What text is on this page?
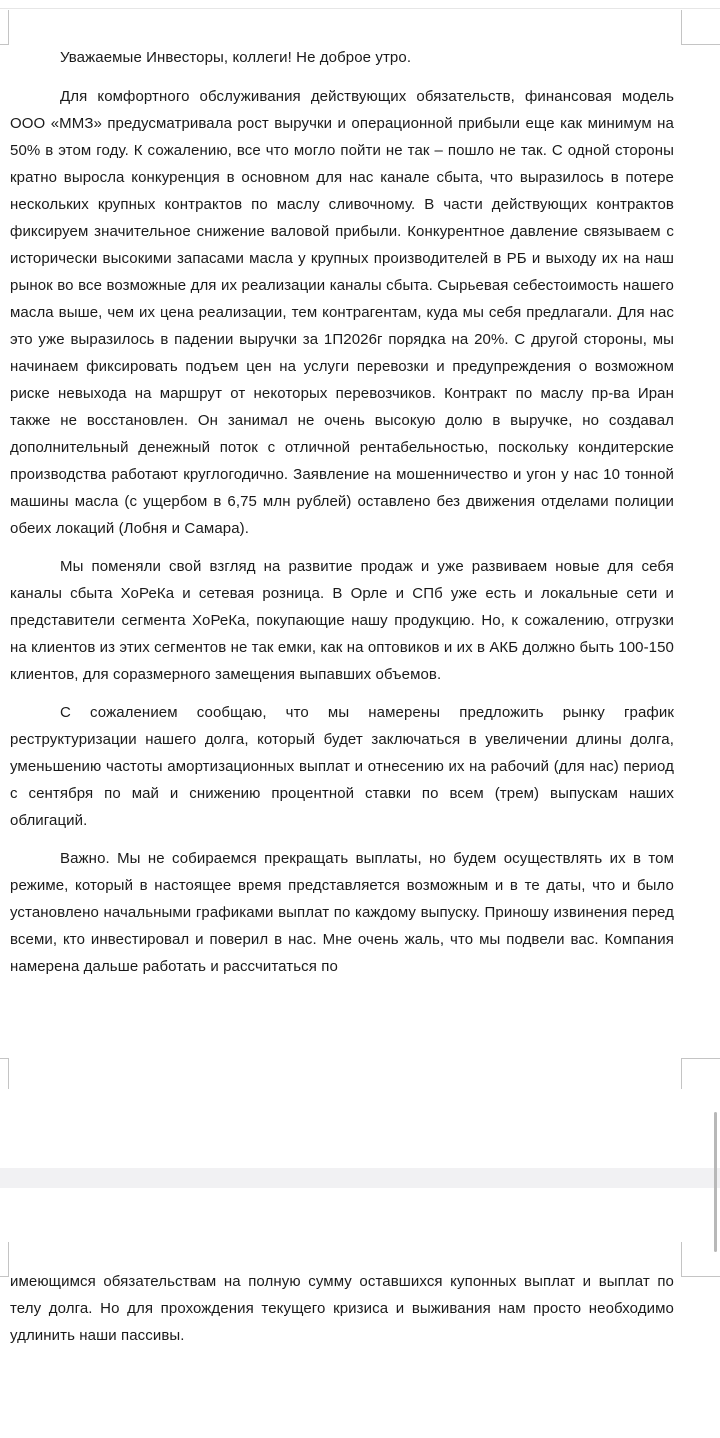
Уважаемые Инвесторы, коллеги! Не доброе утро.

Для комфортного обслуживания действующих обязательств, финансовая модель ООО «ММЗ» предусматривала рост выручки и операционной прибыли еще как минимум на 50% в этом году. К сожалению, все что могло пойти не так – пошло не так. С одной стороны кратно выросла конкуренция в основном для нас канале сбыта, что выразилось в потере нескольких крупных контрактов по маслу сливочному. В части действующих контрактов фиксируем значительное снижение валовой прибыли. Конкурентное давление связываем с исторически высокими запасами масла у крупных производителей в РБ и выходу их на наш рынок во все возможные для их реализации каналы сбыта. Сырьевая себестоимость нашего масла выше, чем их цена реализации, тем контрагентам, куда мы себя предлагали. Для нас это уже выразилось в падении выручки за 1П2026г порядка на 20%. С другой стороны, мы начинаем фиксировать подъем цен на услуги перевозки и предупреждения о возможном риске невыхода на маршрут от некоторых перевозчиков. Контракт по маслу пр-ва Иран также не восстановлен. Он занимал не очень высокую долю в выручке, но создавал дополнительный денежный поток с отличной рентабельностью, поскольку кондитерские производства работают круглогодично. Заявление на мошенничество и угон у нас 10 тонной машины масла (с ущербом в 6,75 млн рублей) оставлено без движения отделами полиции обеих локаций (Лобня и Самара).

Мы поменяли свой взгляд на развитие продаж и уже развиваем новые для себя каналы сбыта ХоРеКа и сетевая розница. В Орле и СПб уже есть и локальные сети и представители сегмента ХоРеКа, покупающие нашу продукцию. Но, к сожалению, отгрузки на клиентов из этих сегментов не так емки, как на оптовиков и их в АКБ должно быть 100-150 клиентов, для соразмерного замещения выпавших объемов.

С сожалением сообщаю, что мы намерены предложить рынку график реструктуризации нашего долга, который будет заключаться в увеличении длины долга, уменьшению частоты амортизационных выплат и отнесению их на рабочий (для нас) период с сентября по май и снижению процентной ставки по всем (трем) выпускам наших облигаций.

Важно. Мы не собираемся прекращать выплаты, но будем осуществлять их в том режиме, который в настоящее время представляется возможным и в те даты, что и было установлено начальными графиками выплат по каждому выпуску. Приношу извинения перед всеми, кто инвестировал и поверил в нас. Мне очень жаль, что мы подвели вас. Компания намерена дальше работать и рассчитаться по

имеющимся обязательствам на полную сумму оставшихся купонных выплат и выплат по телу долга. Но для прохождения текущего кризиса и выживания нам просто необходимо удлинить наши пассивы.
